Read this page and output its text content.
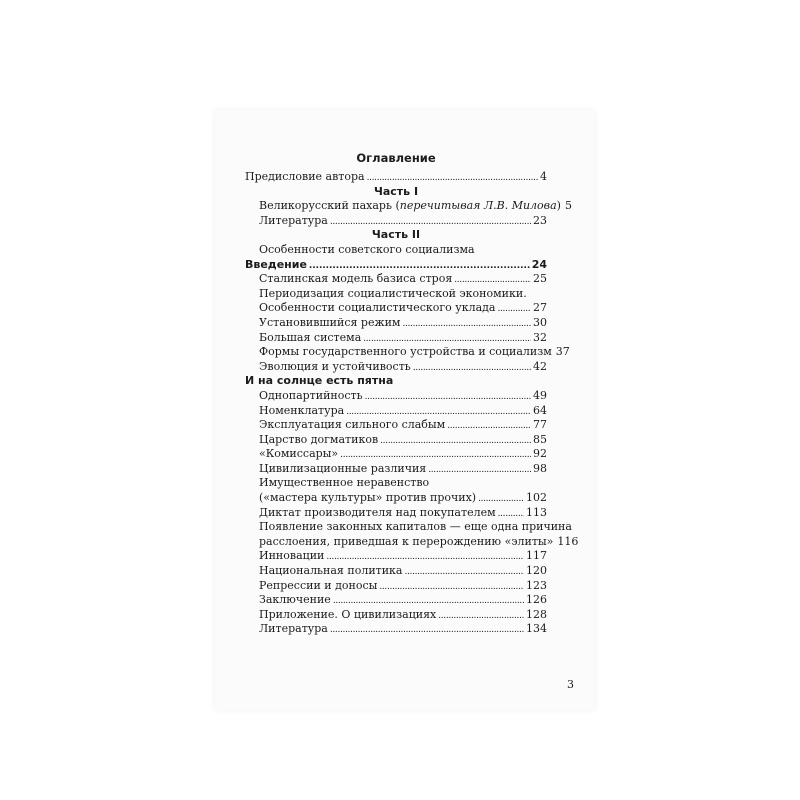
Оглавление
Предисловие автора . . .	4
Часть I
Великорусский пахарь (перечитывая Л.В. Милова) 5
Литература . . .	23
Часть II
Особенности советского социализма
Введение . . .	24
Сталинская модель базиса строя . . .	25
Периодизация социалистической экономики.
Особенности социалистического уклада . . .	27
Установившийся режим . . .	30
Большая система . . .	32
Формы государственного устройства и социализм 37
Эволюция и устойчивость . . .	42
И на солнце есть пятна
Однопартийность . . .	49
Номенклатура . . .	64
Эксплуатация сильного слабым . . .	77
Царство догматиков . . .	85
«Комиссары» . . .	92
Цивилизационные различия . . .	98
Имущественное неравенство
(«мастера культуры» против прочих) . . .	102
Диктат производителя над покупателем . . .	113
Появление законных капиталов — еще одна причина
расслоения, приведшая к перерождению «элиты» 116
Инновации . . .	117
Национальная политика . . .	120
Репрессии и доносы . . .	123
Заключение . . .	126
Приложение. О цивилизациях . . .	128
Литература . . .	134
3
